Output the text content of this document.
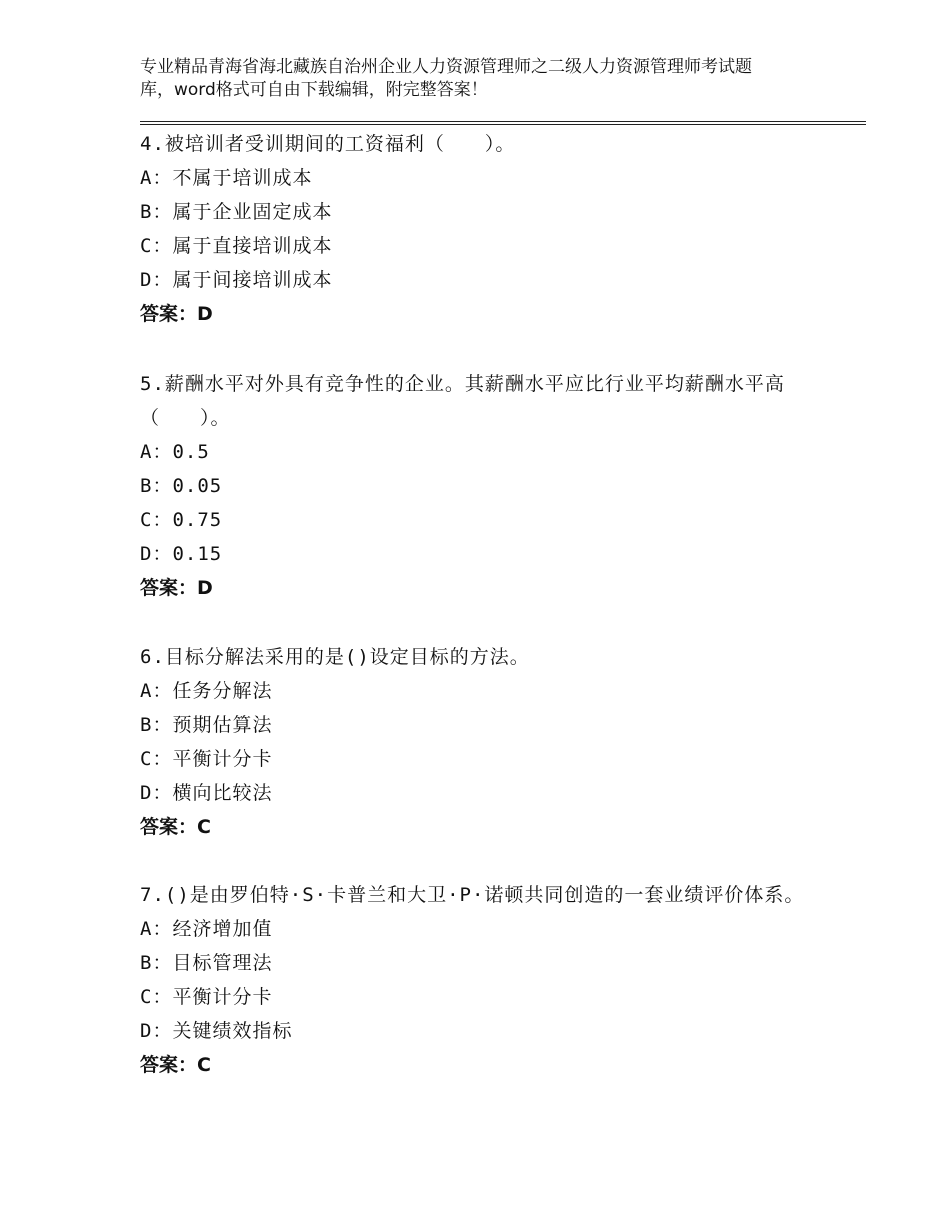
专业精品青海省海北藏族自治州企业人力资源管理师之二级人力资源管理师考试题
库，word格式可自由下载编辑，附完整答案！
4.被培训者受训期间的工资福利（　　）。
A：不属于培训成本
B：属于企业固定成本
C：属于直接培训成本
D：属于间接培训成本
答案：D
5.薪酬水平对外具有竞争性的企业。其薪酬水平应比行业平均薪酬水平高（　　）。
A：0.5
B：0.05
C：0.75
D：0.15
答案：D
6.目标分解法采用的是()设定目标的方法。
A：任务分解法
B：预期估算法
C：平衡计分卡
D：横向比较法
答案：C
7.()是由罗伯特·S·卡普兰和大卫·P·诺顿共同创造的一套业绩评价体系。
A：经济增加值
B：目标管理法
C：平衡计分卡
D：关键绩效指标
答案：C
